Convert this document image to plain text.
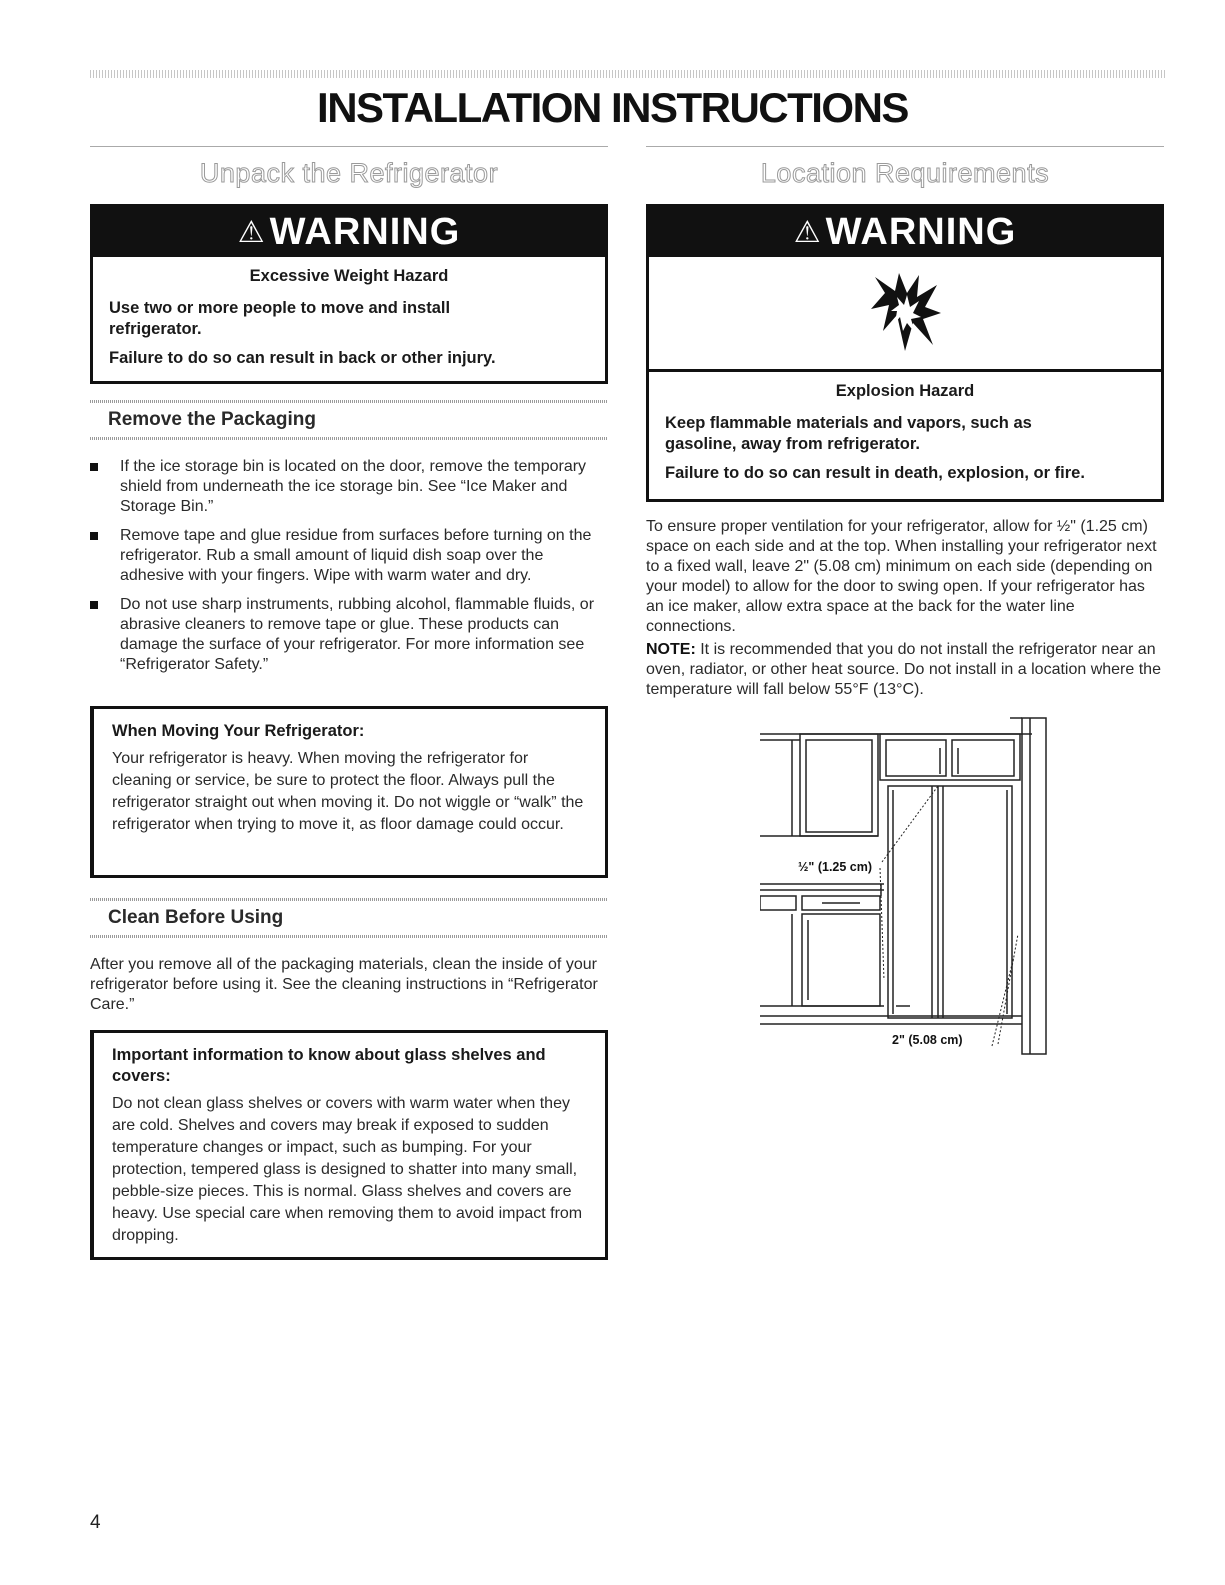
INSTALLATION INSTRUCTIONS
Unpack the Refrigerator
⚠ WARNING
Excessive Weight Hazard

Use two or more people to move and install refrigerator.

Failure to do so can result in back or other injury.

Remove the Packaging
If the ice storage bin is located on the door, remove the temporary shield from underneath the ice storage bin. See “Ice Maker and Storage Bin.”
Remove tape and glue residue from surfaces before turning on the refrigerator. Rub a small amount of liquid dish soap over the adhesive with your fingers. Wipe with warm water and dry.
Do not use sharp instruments, rubbing alcohol, flammable fluids, or abrasive cleaners to remove tape or glue. These products can damage the surface of your refrigerator. For more information see “Refrigerator Safety.”
When Moving Your Refrigerator:
Your refrigerator is heavy. When moving the refrigerator for cleaning or service, be sure to protect the floor. Always pull the refrigerator straight out when moving it. Do not wiggle or “walk” the refrigerator when trying to move it, as floor damage could occur.
Clean Before Using

After you remove all of the packaging materials, clean the inside of your refrigerator before using it. See the cleaning instructions in “Refrigerator Care.”

Important information to know about glass shelves and covers:
Do not clean glass shelves or covers with warm water when they are cold. Shelves and covers may break if exposed to sudden temperature changes or impact, such as bumping. For your protection, tempered glass is designed to shatter into many small, pebble-size pieces. This is normal. Glass shelves and covers are heavy. Use special care when removing them to avoid impact from dropping.
Location Requirements
⚠ WARNING
Explosion Hazard

Keep flammable materials and vapors, such as gasoline, away from refrigerator.

Failure to do so can result in death, explosion, or fire.

To ensure proper ventilation for your refrigerator, allow for ½" (1.25 cm) space on each side and at the top. When installing your refrigerator next to a fixed wall, leave 2" (5.08 cm) minimum on each side (depending on your model) to allow for the door to swing open. If your refrigerator has an ice maker, allow extra space at the back for the water line connections.

NOTE: It is recommended that you do not install the refrigerator near an oven, radiator, or other heat source. Do not install in a location where the temperature will fall below 55°F (13°C).

½" (1.25 cm)
2" (5.08 cm)
4
